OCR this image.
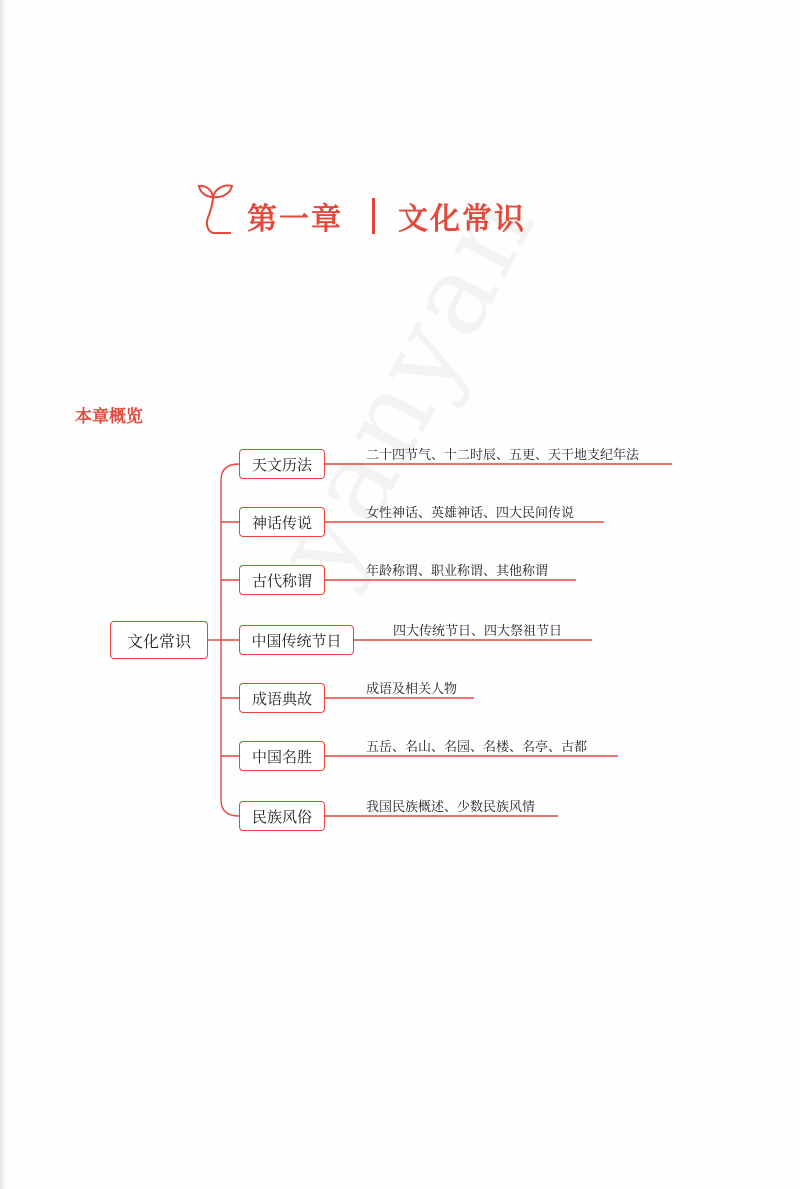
第一章 文化常识
本章概览
文化常识
天文历法
神话传说
古代称谓
中国传统节日
成语典故
中国名胜
民族风俗
二十四节气、十二时辰、五更、天干地支纪年法
女性神话、英雄神话、四大民间传说
年龄称谓、职业称谓、其他称谓
四大传统节日、四大祭祖节日
成语及相关人物
五岳、名山、名园、名楼、名亭、古都
我国民族概述、少数民族风情
